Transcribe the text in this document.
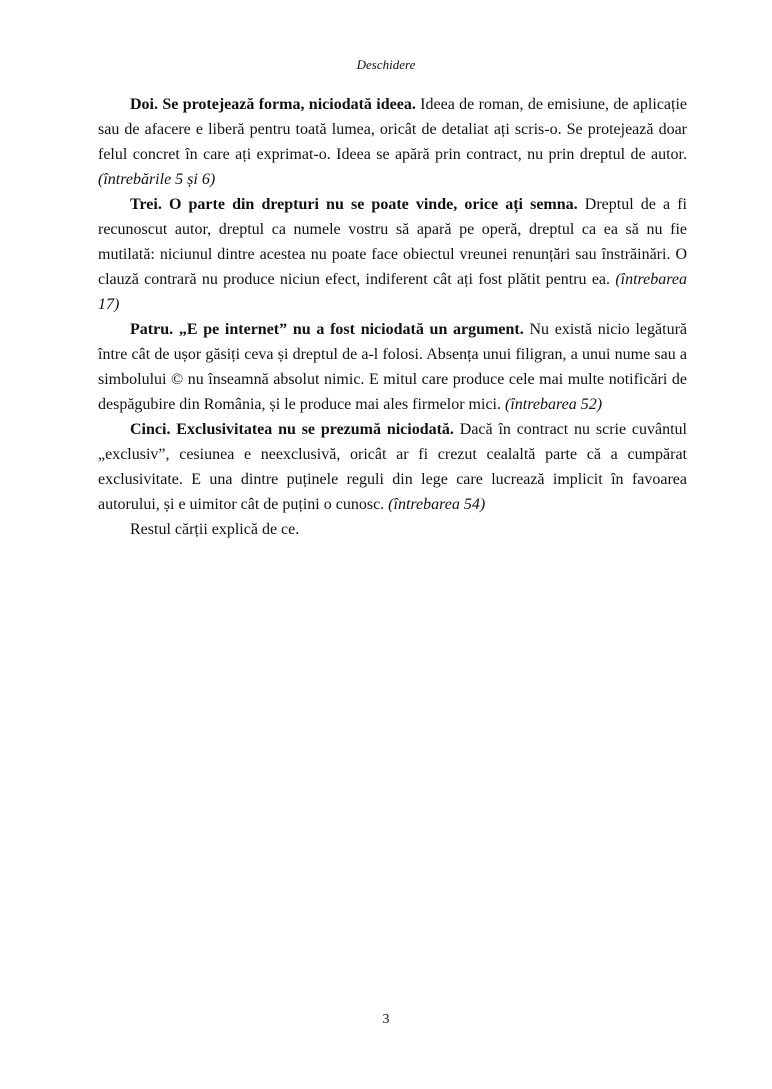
Deschidere

Doi. Se protejează forma, niciodată ideea. Ideea de roman, de emisiune, de aplicație sau de afacere e liberă pentru toată lumea, oricât de detaliat ați scris-o. Se protejează doar felul concret în care ați exprimat-o. Ideea se apără prin contract, nu prin dreptul de autor. (întrebările 5 și 6)

Trei. O parte din drepturi nu se poate vinde, orice ați semna. Dreptul de a fi recunoscut autor, dreptul ca numele vostru să apară pe operă, dreptul ca ea să nu fie mutilată: niciunul dintre acestea nu poate face obiectul vreunei renunțări sau înstrăinări. O clauză contrară nu produce niciun efect, indiferent cât ați fost plătit pentru ea. (întrebarea 17)

Patru. „E pe internet” nu a fost niciodată un argument. Nu există nicio legătură între cât de ușor găsiți ceva și dreptul de a-l folosi. Absența unui filigran, a unui nume sau a simbolului © nu înseamnă absolut nimic. E mitul care produce cele mai multe notificări de despăgubire din România, și le produce mai ales firmelor mici. (întrebarea 52)

Cinci. Exclusivitatea nu se prezumă niciodată. Dacă în contract nu scrie cuvântul „exclusiv”, cesiunea e neexclusivă, oricât ar fi crezut cealaltă parte că a cumpărat exclusivitate. E una dintre puținele reguli din lege care lucrează implicit în favoarea autorului, și e uimitor cât de puțini o cunosc. (întrebarea 54)

Restul cărții explică de ce.

3
